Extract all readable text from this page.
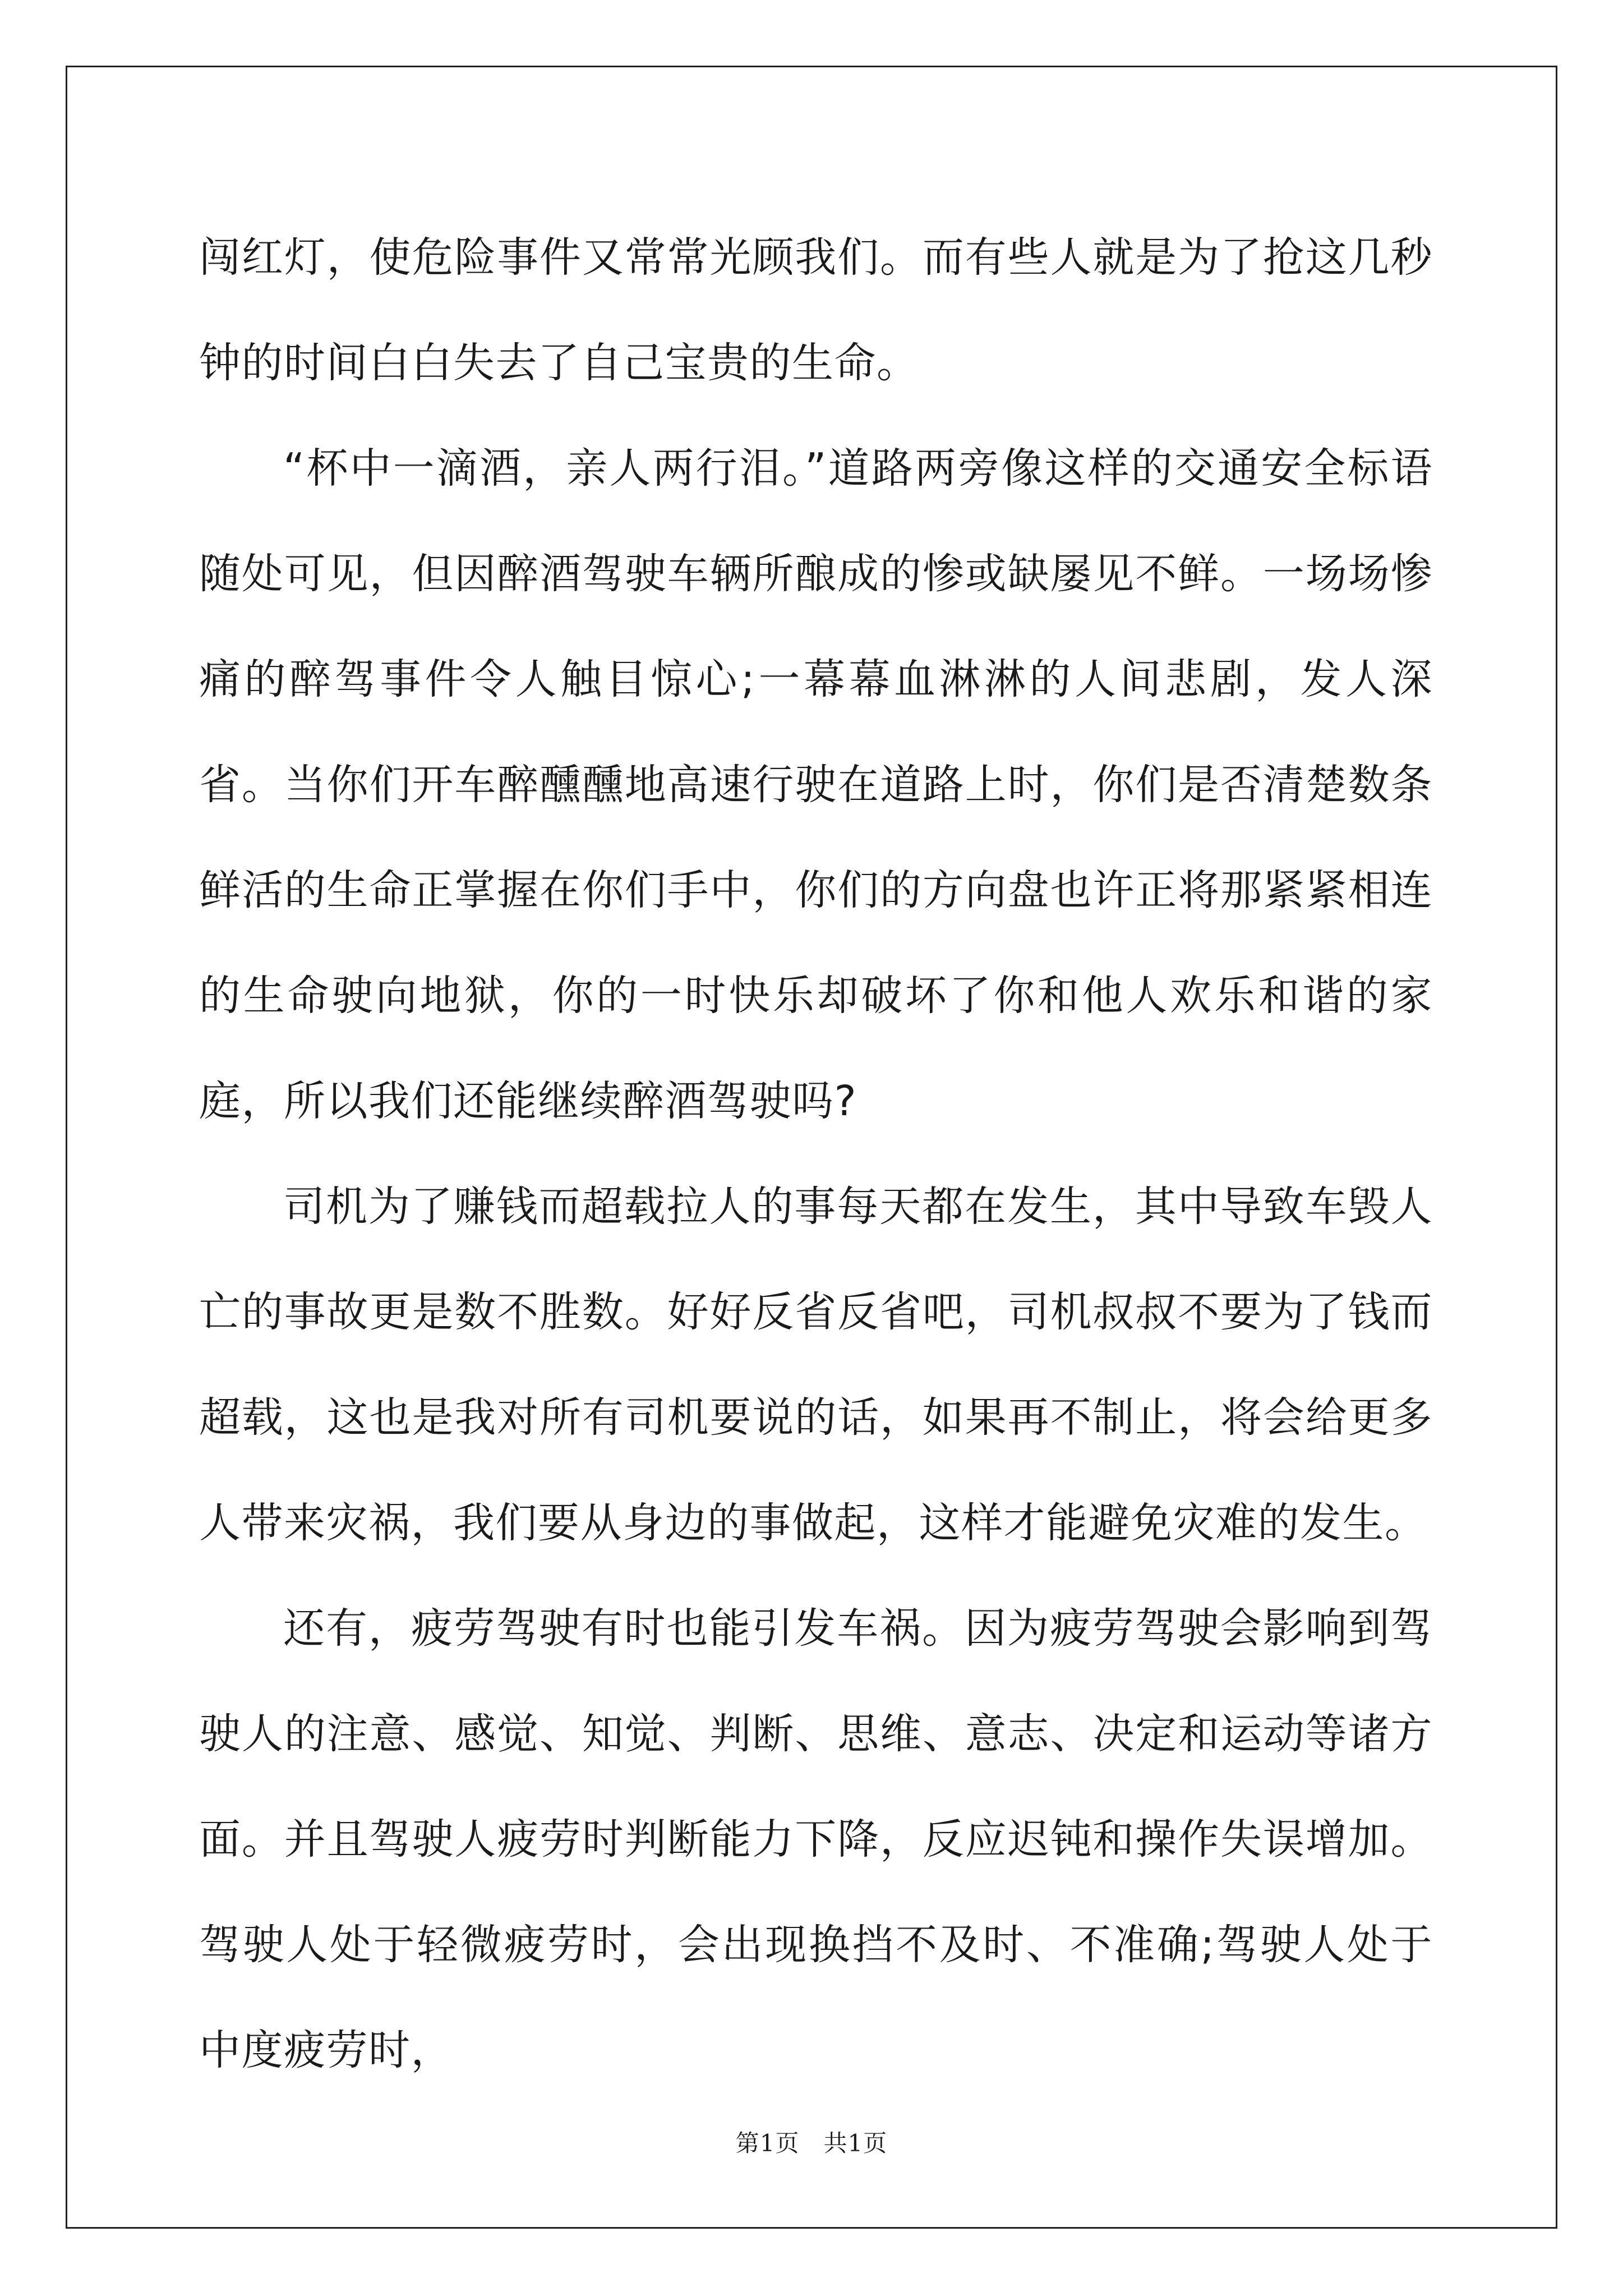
闯红灯，使危险事件又常常光顾我们。而有些人就是为了抢这几秒钟的时间白白失去了自己宝贵的生命。

“杯中一滴酒，亲人两行泪。”道路两旁像这样的交通安全标语随处可见，但因醉酒驾驶车辆所酿成的惨或缺屡见不鲜。一场场惨痛的醉驾事件令人触目惊心;一幕幕血淋淋的人间悲剧，发人深省。当你们开车醉醺醺地高速行驶在道路上时，你们是否清楚数条鲜活的生命正掌握在你们手中，你们的方向盘也许正将那紧紧相连的生命驶向地狱，你的一时快乐却破坏了你和他人欢乐和谐的家庭，所以我们还能继续醉酒驾驶吗?

司机为了赚钱而超载拉人的事每天都在发生，其中导致车毁人亡的事故更是数不胜数。好好反省反省吧，司机叔叔不要为了钱而超载，这也是我对所有司机要说的话，如果再不制止，将会给更多人带来灾祸，我们要从身边的事做起，这样才能避免灾难的发生。

还有，疲劳驾驶有时也能引发车祸。因为疲劳驾驶会影响到驾驶人的注意、感觉、知觉、判断、思维、意志、决定和运动等诸方面。并且驾驶人疲劳时判断能力下降，反应迟钝和操作失误增加。驾驶人处于轻微疲劳时，会出现换挡不及时、不准确;驾驶人处于中度疲劳时，

第1页　共1页
